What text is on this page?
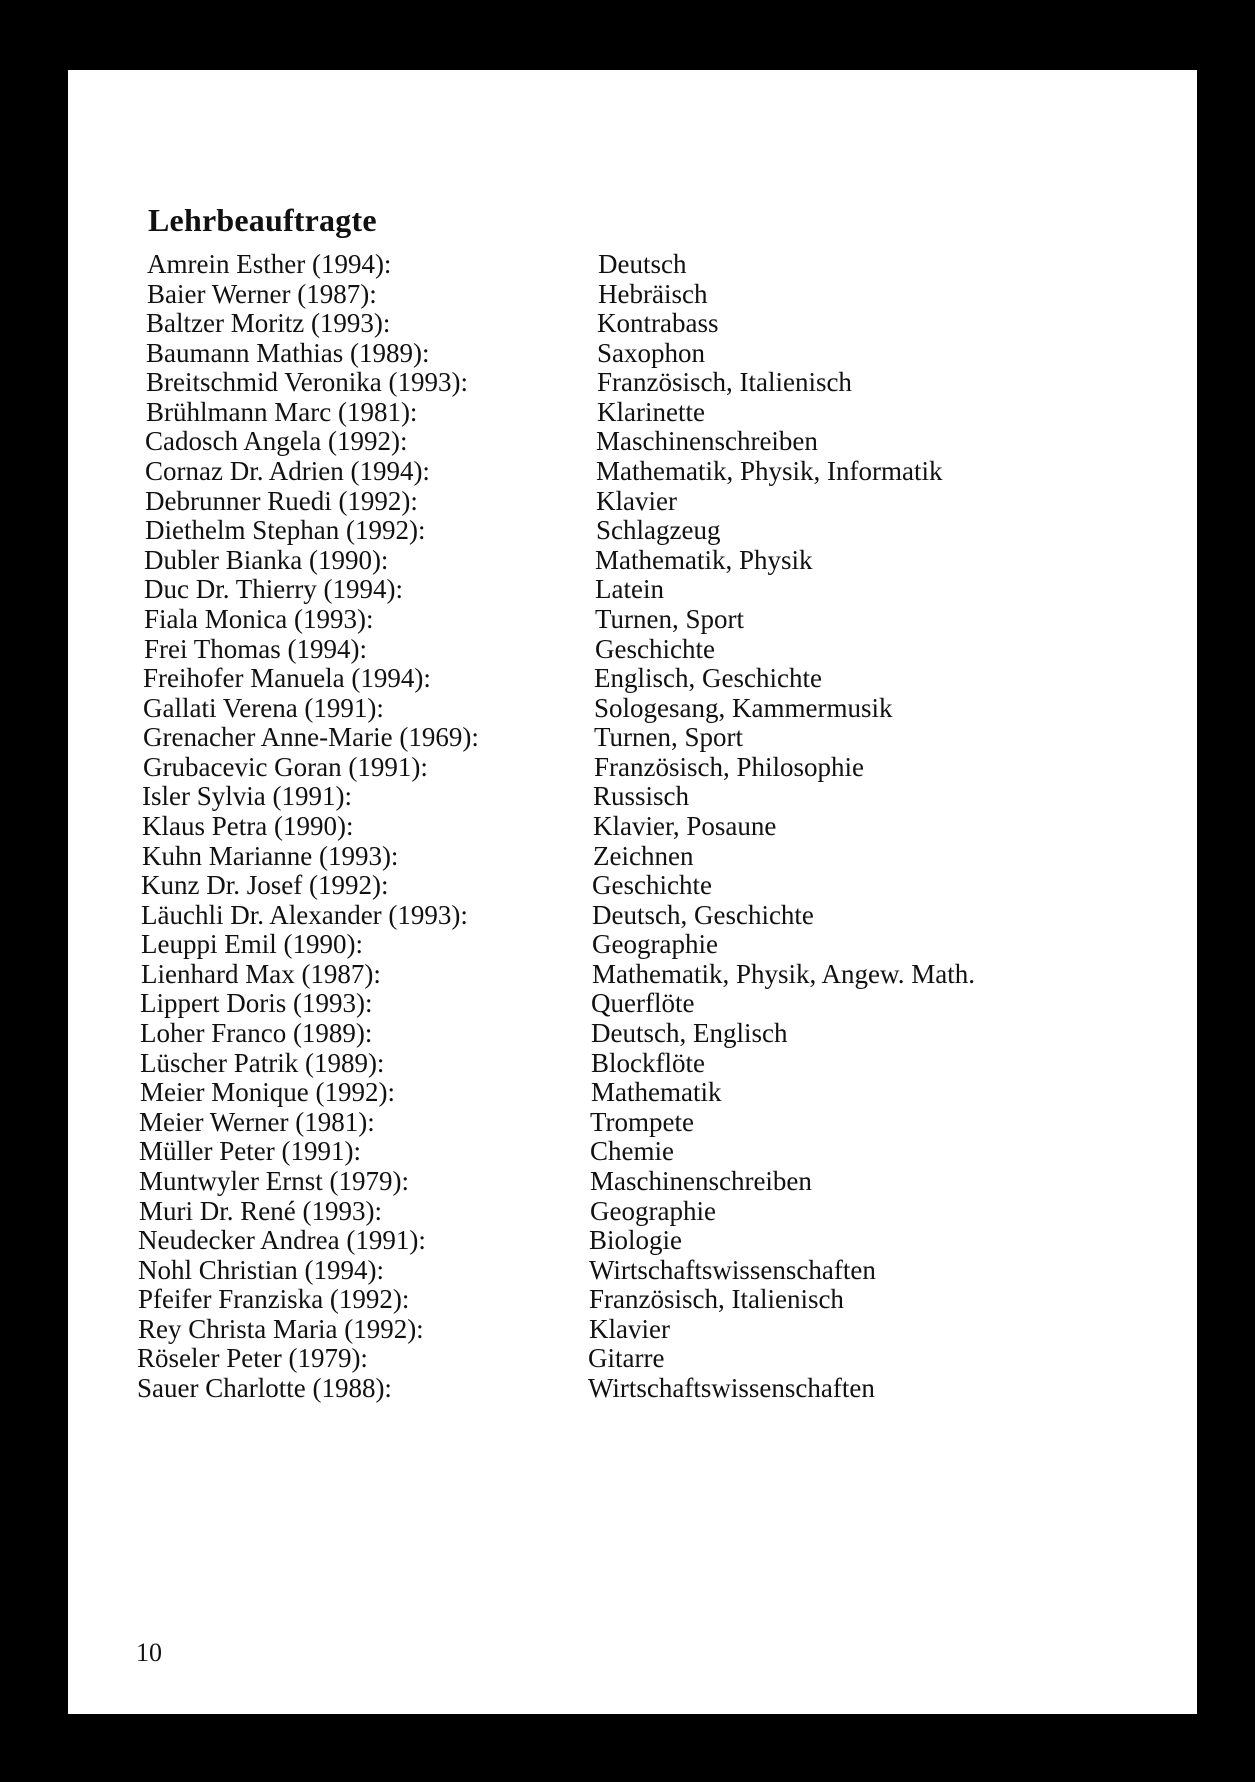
Lehrbeauftragte
Amrein Esther (1994):	Deutsch
Baier Werner (1987):	Hebräisch
Baltzer Moritz (1993):	Kontrabass
Baumann Mathias (1989):	Saxophon
Breitschmid Veronika (1993):	Französisch, Italienisch
Brühlmann Marc (1981):	Klarinette
Cadosch Angela (1992):	Maschinenschreiben
Cornaz Dr. Adrien (1994):	Mathematik, Physik, Informatik
Debrunner Ruedi (1992):	Klavier
Diethelm Stephan (1992):	Schlagzeug
Dubler Bianka (1990):	Mathematik, Physik
Duc Dr. Thierry (1994):	Latein
Fiala Monica (1993):	Turnen, Sport
Frei Thomas (1994):	Geschichte
Freihofer Manuela (1994):	Englisch, Geschichte
Gallati Verena (1991):	Sologesang, Kammermusik
Grenacher Anne-Marie (1969):	Turnen, Sport
Grubacevic Goran (1991):	Französisch, Philosophie
Isler Sylvia (1991):	Russisch
Klaus Petra (1990):	Klavier, Posaune
Kuhn Marianne (1993):	Zeichnen
Kunz Dr. Josef (1992):	Geschichte
Läuchli Dr. Alexander (1993):	Deutsch, Geschichte
Leuppi Emil (1990):	Geographie
Lienhard Max (1987):	Mathematik, Physik, Angew. Math.
Lippert Doris (1993):	Querflöte
Loher Franco (1989):	Deutsch, Englisch
Lüscher Patrik (1989):	Blockflöte
Meier Monique (1992):	Mathematik
Meier Werner (1981):	Trompete
Müller Peter (1991):	Chemie
Muntwyler Ernst (1979):	Maschinenschreiben
Muri Dr. René (1993):	Geographie
Neudecker Andrea (1991):	Biologie
Nohl Christian (1994):	Wirtschaftswissenschaften
Pfeifer Franziska (1992):	Französisch, Italienisch
Rey Christa Maria (1992):	Klavier
Röseler Peter (1979):	Gitarre
Sauer Charlotte (1988):	Wirtschaftswissenschaften
10
